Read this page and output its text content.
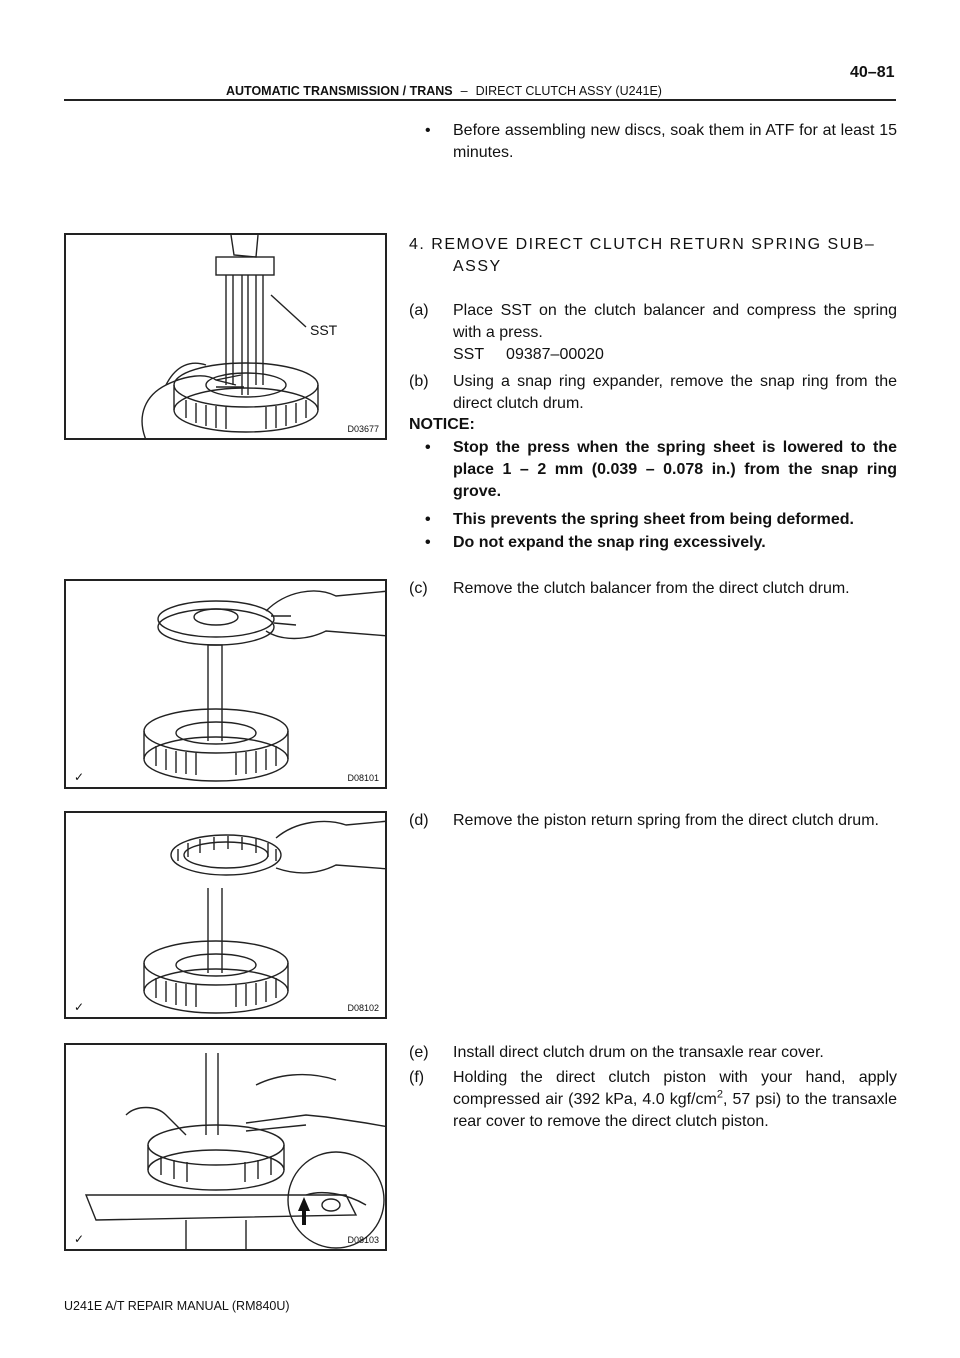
40–81
AUTOMATIC TRANSMISSION / TRANS – DIRECT CLUTCH ASSY (U241E)
SST
D03677
✓	D08101
✓	D08102
✓	D08103
• Before assembling new discs, soak them in ATF for at least 15 minutes.
4. REMOVE DIRECT CLUTCH RETURN SPRING SUB–ASSY
(a) Place SST on the clutch balancer and compress the spring with a press.
SST     09387–00020
(b) Using a snap ring expander, remove the snap ring from the direct clutch drum.
NOTICE:
• Stop the press when the spring sheet is lowered to the place 1 – 2 mm (0.039 – 0.078 in.) from the snap ring grove.
• This prevents the spring sheet from being deformed.
• Do not expand the snap ring excessively.
(c) Remove the clutch balancer from the direct clutch drum.
(d) Remove the piston return spring from the direct clutch drum.
(e) Install direct clutch drum on the transaxle rear cover.
(f) Holding the direct clutch piston with your hand, apply compressed air (392 kPa, 4.0 kgf/$cm^2$, 57 psi) to the transaxle rear cover to remove the direct clutch piston.
U241E A/T REPAIR MANUAL (RM840U)
